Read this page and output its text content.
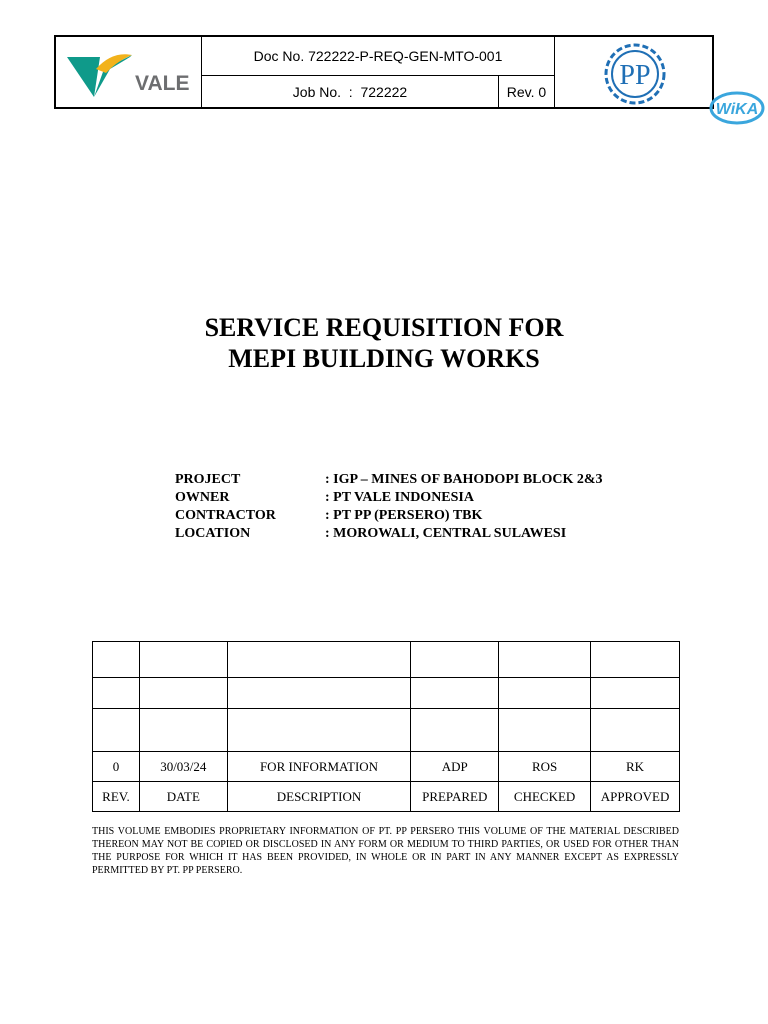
VALE
Doc No. 722222-P-REQ-GEN-MTO-001
Job No.  :  722222	Rev. 0
PP
WiKA
SERVICE REQUISITION FOR
MEPI BUILDING WORKS
PROJECT	: IGP – MINES OF BAHODOPI BLOCK 2&3
OWNER	: PT VALE INDONESIA
CONTRACTOR	: PT PP (PERSERO) TBK
LOCATION	: MOROWALI, CENTRAL SULAWESI

0	30/03/24	FOR INFORMATION	ADP	ROS	RK
REV.	DATE	DESCRIPTION	PREPARED	CHECKED	APPROVED
THIS VOLUME EMBODIES PROPRIETARY INFORMATION OF PT. PP PERSERO THIS VOLUME OF THE MATERIAL DESCRIBED THEREON MAY NOT BE COPIED OR DISCLOSED IN ANY FORM OR MEDIUM TO THIRD PARTIES, OR USED FOR OTHER THAN THE PURPOSE FOR WHICH IT HAS BEEN PROVIDED, IN WHOLE OR IN PART IN ANY MANNER EXCEPT AS EXPRESSLY PERMITTED BY PT. PP PERSERO.
